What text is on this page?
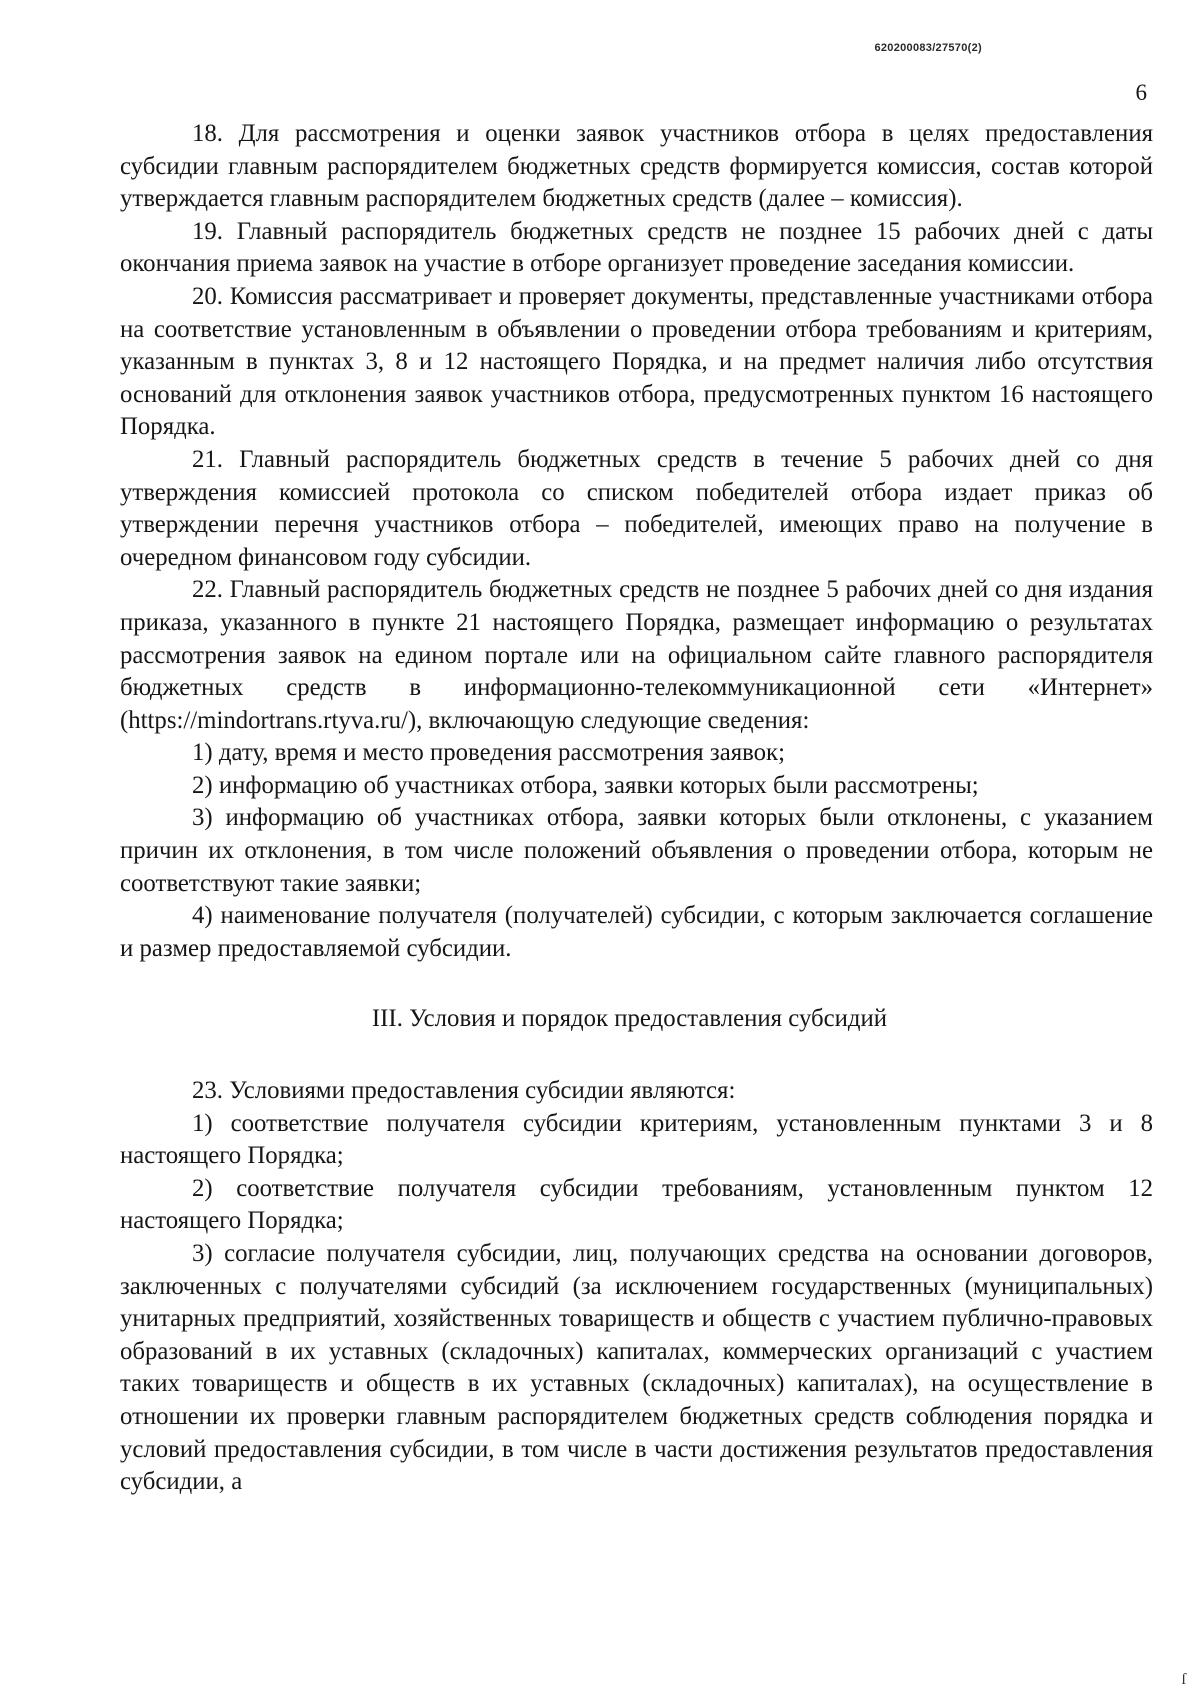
620200083/27570(2)
6

18. Для рассмотрения и оценки заявок участников отбора в целях предоставления субсидии главным распорядителем бюджетных средств формируется комиссия, состав которой утверждается главным распорядителем бюджетных средств (далее – комиссия).

19. Главный распорядитель бюджетных средств не позднее 15 рабочих дней с даты окончания приема заявок на участие в отборе организует проведение заседания комиссии.

20. Комиссия рассматривает и проверяет документы, представленные участниками отбора на соответствие установленным в объявлении о проведении отбора требованиям и критериям, указанным в пунктах 3, 8 и 12 настоящего Порядка, и на предмет наличия либо отсутствия оснований для отклонения заявок участников отбора, предусмотренных пунктом 16 настоящего Порядка.

21. Главный распорядитель бюджетных средств в течение 5 рабочих дней со дня утверждения комиссией протокола со списком победителей отбора издает приказ об утверждении перечня участников отбора – победителей, имеющих право на получение в очередном финансовом году субсидии.

22. Главный распорядитель бюджетных средств не позднее 5 рабочих дней со дня издания приказа, указанного в пункте 21 настоящего Порядка, размещает информацию о результатах рассмотрения заявок на едином портале или на официальном сайте главного распорядителя бюджетных средств в информационно-телекоммуникационной сети «Интернет» (https://mindortrans.rtyva.ru/), включающую следующие сведения:

1) дату, время и место проведения рассмотрения заявок;

2) информацию об участниках отбора, заявки которых были рассмотрены;

3) информацию об участниках отбора, заявки которых были отклонены, с указанием причин их отклонения, в том числе положений объявления о проведении отбора, которым не соответствуют такие заявки;

4) наименование получателя (получателей) субсидии, с которым заключается соглашение и размер предоставляемой субсидии.

III. Условия и порядок предоставления субсидий

23. Условиями предоставления субсидии являются:

1) соответствие получателя субсидии критериям, установленным пунктами 3 и 8 настоящего Порядка;

2) соответствие получателя субсидии требованиям, установленным пунктом 12 настоящего Порядка;

3) согласие получателя субсидии, лиц, получающих средства на основании договоров, заключенных с получателями субсидий (за исключением государственных (муниципальных) унитарных предприятий, хозяйственных товариществ и обществ с участием публично-правовых образований в их уставных (складочных) капиталах, коммерческих организаций с участием таких товариществ и обществ в их уставных (складочных) капиталах), на осуществление в отношении их проверки главным распорядителем бюджетных средств соблюдения порядка и условий предоставления субсидии, в том числе в части достижения результатов предоставления субсидии, а

ſ
